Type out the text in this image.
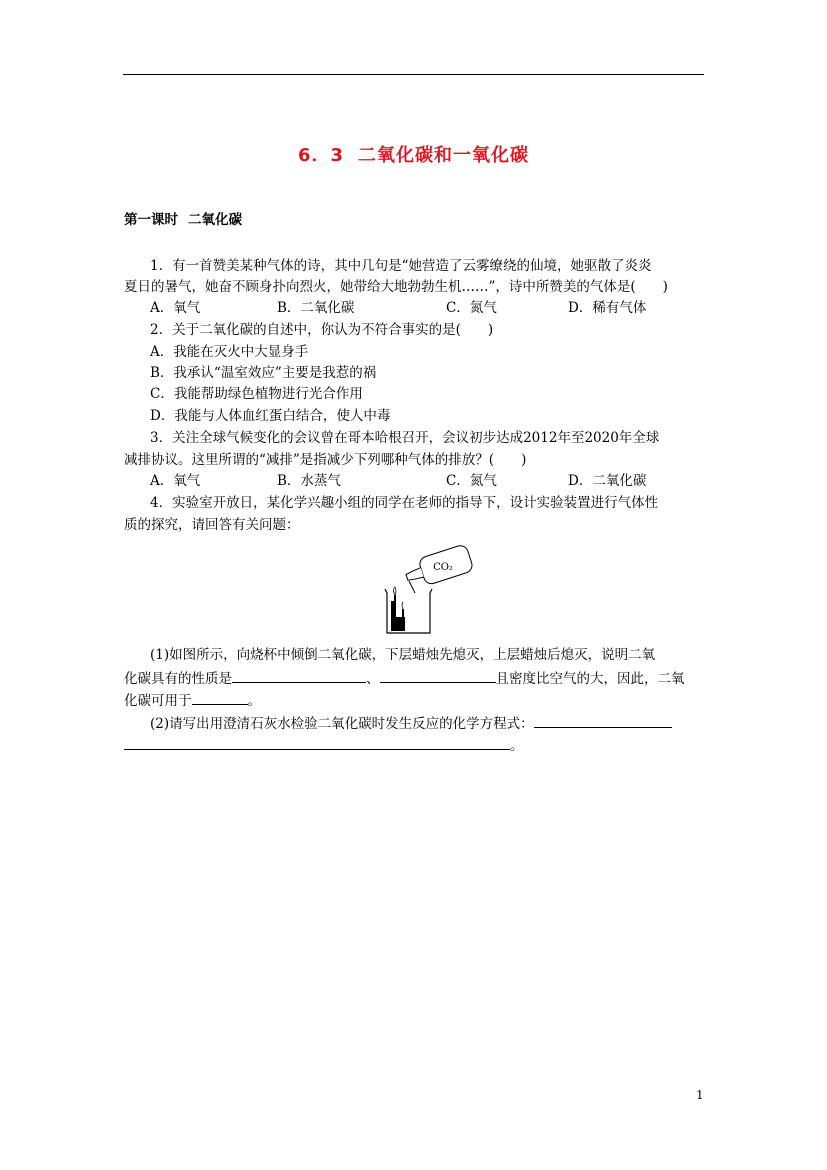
6．3 二氧化碳和一氧化碳
第一课时 二氧化碳
1．有一首赞美某种气体的诗，其中几句是“她营造了云雾缭绕的仙境，她驱散了炎炎
夏日的暑气，她奋不顾身扑向烈火，她带给大地勃勃生机……”，诗中所赞美的气体是(　　)
A．氧气	B．二氧化碳	C．氮气	D．稀有气体
2．关于二氧化碳的自述中，你认为不符合事实的是(　　)
A．我能在灭火中大显身手
B．我承认“温室效应”主要是我惹的祸
C．我能帮助绿色植物进行光合作用
D．我能与人体血红蛋白结合，使人中毒
3．关注全球气候变化的会议曾在哥本哈根召开，会议初步达成2012年至2020年全球
减排协议。这里所谓的“减排”是指减少下列哪种气体的排放？(　　)
A．氧气	B．水蒸气	C．氮气	D．二氧化碳
4．实验室开放日，某化学兴趣小组的同学在老师的指导下，设计实验装置进行气体性
质的探究，请回答有关问题：
CO₂
(1)如图所示，向烧杯中倾倒二氧化碳，下层蜡烛先熄灭，上层蜡烛后熄灭，说明二氧
化碳具有的性质是	、	且密度比空气的大，因此，二氧
化碳可用于	。
(2)请写出用澄清石灰水检验二氧化碳时发生反应的化学方程式：
。
1
